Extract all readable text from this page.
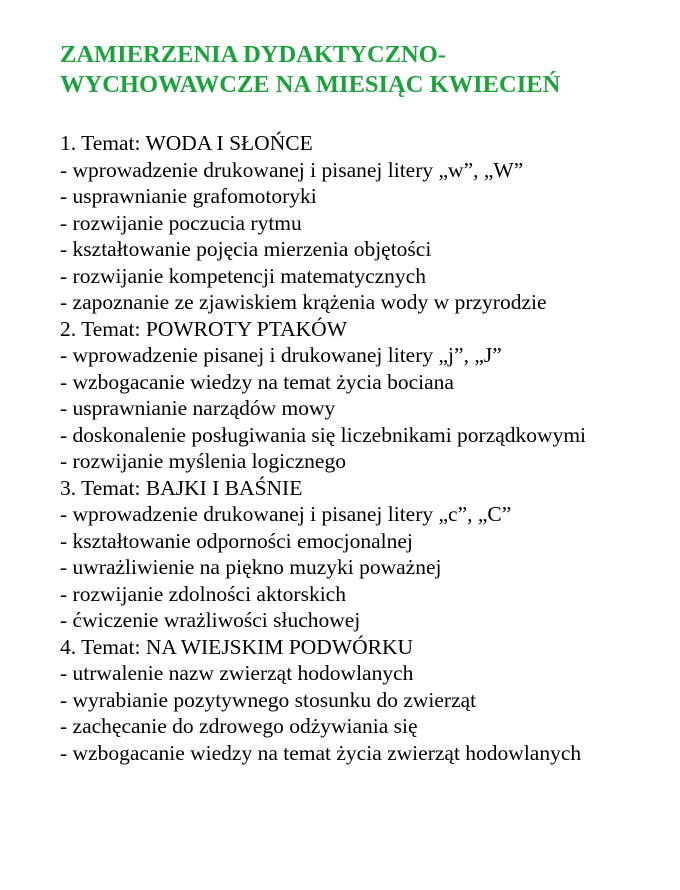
ZAMIERZENIA DYDAKTYCZNO-
WYCHOWAWCZE NA MIESIĄC KWIECIEŃ
1. Temat: WODA I SŁOŃCE
- wprowadzenie drukowanej i pisanej litery „w”, „W”
- usprawnianie grafomotoryki
- rozwijanie poczucia rytmu
- kształtowanie pojęcia mierzenia objętości
- rozwijanie kompetencji matematycznych
- zapoznanie ze zjawiskiem krążenia wody w przyrodzie
2. Temat: POWROTY PTAKÓW
- wprowadzenie pisanej i drukowanej litery „j”, „J”
- wzbogacanie wiedzy na temat życia bociana
- usprawnianie narządów mowy
- doskonalenie posługiwania się liczebnikami porządkowymi
- rozwijanie myślenia logicznego
3. Temat: BAJKI I BAŚNIE
- wprowadzenie drukowanej i pisanej litery „c”, „C”
- kształtowanie odporności emocjonalnej
- uwrażliwienie na piękno muzyki poważnej
- rozwijanie zdolności aktorskich
- ćwiczenie wrażliwości słuchowej
4. Temat: NA WIEJSKIM PODWÓRKU
- utrwalenie nazw zwierząt hodowlanych
- wyrabianie pozytywnego stosunku do zwierząt
- zachęcanie do zdrowego odżywiania się
- wzbogacanie wiedzy na temat życia zwierząt hodowlanych
